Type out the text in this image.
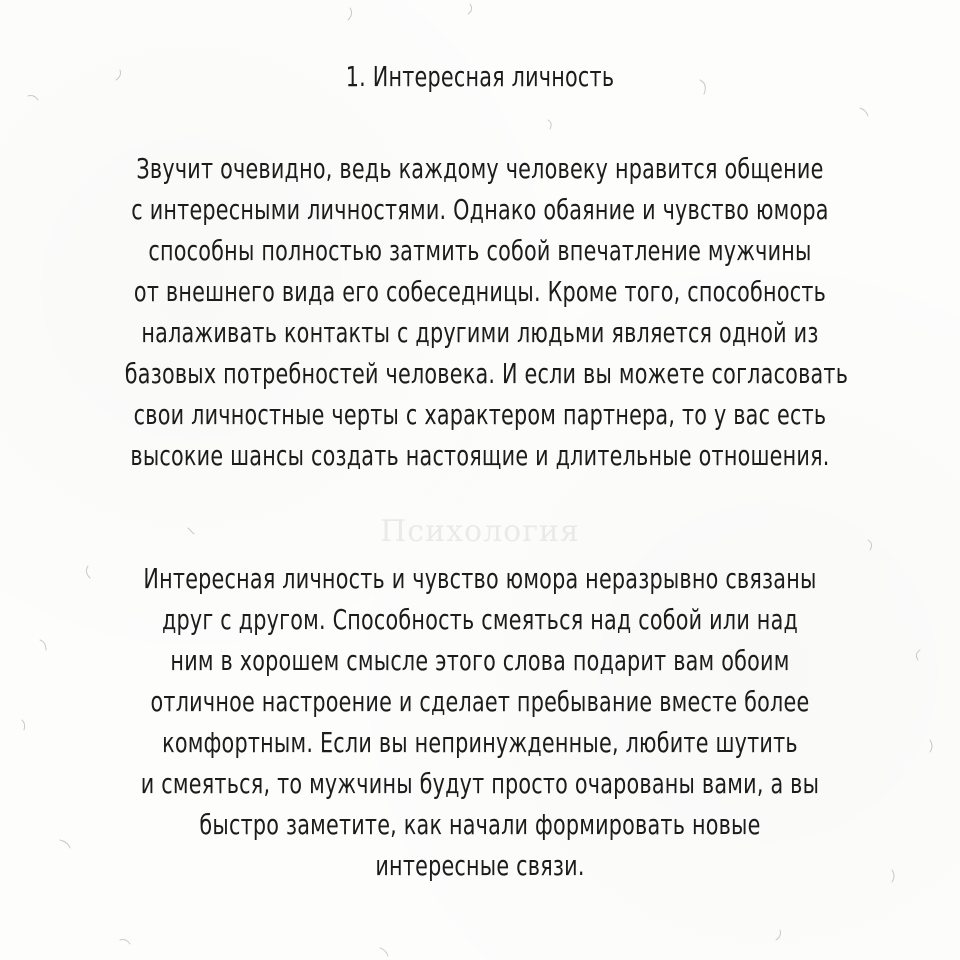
1. Интересная личность
Звучит очевидно, ведь каждому человеку нравится общение
с интересными личностями. Однако обаяние и чувство юмора
способны полностью затмить собой впечатление мужчины
от внешнего вида его собеседницы. Кроме того, способность
налаживать контакты с другими людьми является одной из
базовых потребностей человека. И если вы можете согласовать
свои личностные черты с характером партнера, то у вас есть
высокие шансы создать настоящие и длительные отношения.
Психология
Интересная личность и чувство юмора неразрывно связаны
друг с другом. Способность смеяться над собой или над
ним в хорошем смысле этого слова подарит вам обоим
отличное настроение и сделает пребывание вместе более
комфортным. Если вы непринужденные, любите шутить
и смеяться, то мужчины будут просто очарованы вами, а вы
быстро заметите, как начали формировать новые
интересные связи.
